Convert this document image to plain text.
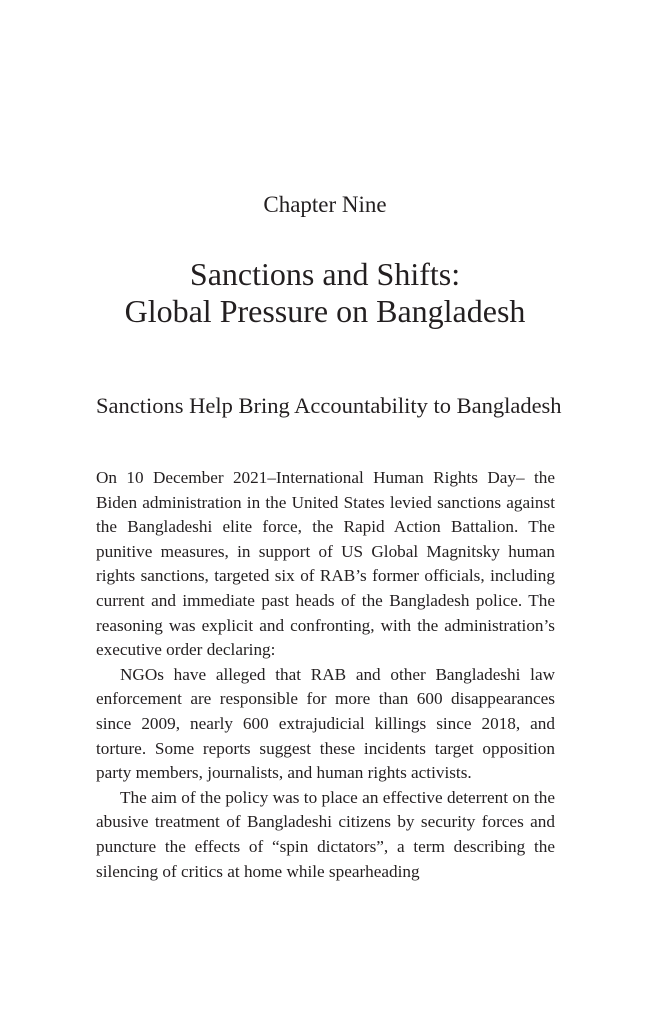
Chapter Nine
Sanctions and Shifts:
Global Pressure on Bangladesh
Sanctions Help Bring Accountability to Bangladesh

On 10 December 2021–International Human Rights Day– the Biden administration in the United States levied sanctions against the Bangladeshi elite force, the Rapid Action Battalion. The punitive measures, in support of US Global Magnitsky human rights sanctions, targeted six of RAB’s former officials, including current and immediate past heads of the Bangladesh police. The reasoning was explicit and confronting, with the administration’s executive order declaring:

NGOs have alleged that RAB and other Bangladeshi law enforcement are responsible for more than 600 disappearances since 2009, nearly 600 extrajudicial killings since 2018, and torture. Some reports suggest these incidents target opposition party members, journalists, and human rights activists.

The aim of the policy was to place an effective deterrent on the abusive treatment of Bangladeshi citizens by security forces and puncture the effects of “spin dictators”, a term describing the silencing of critics at home while spearheading
